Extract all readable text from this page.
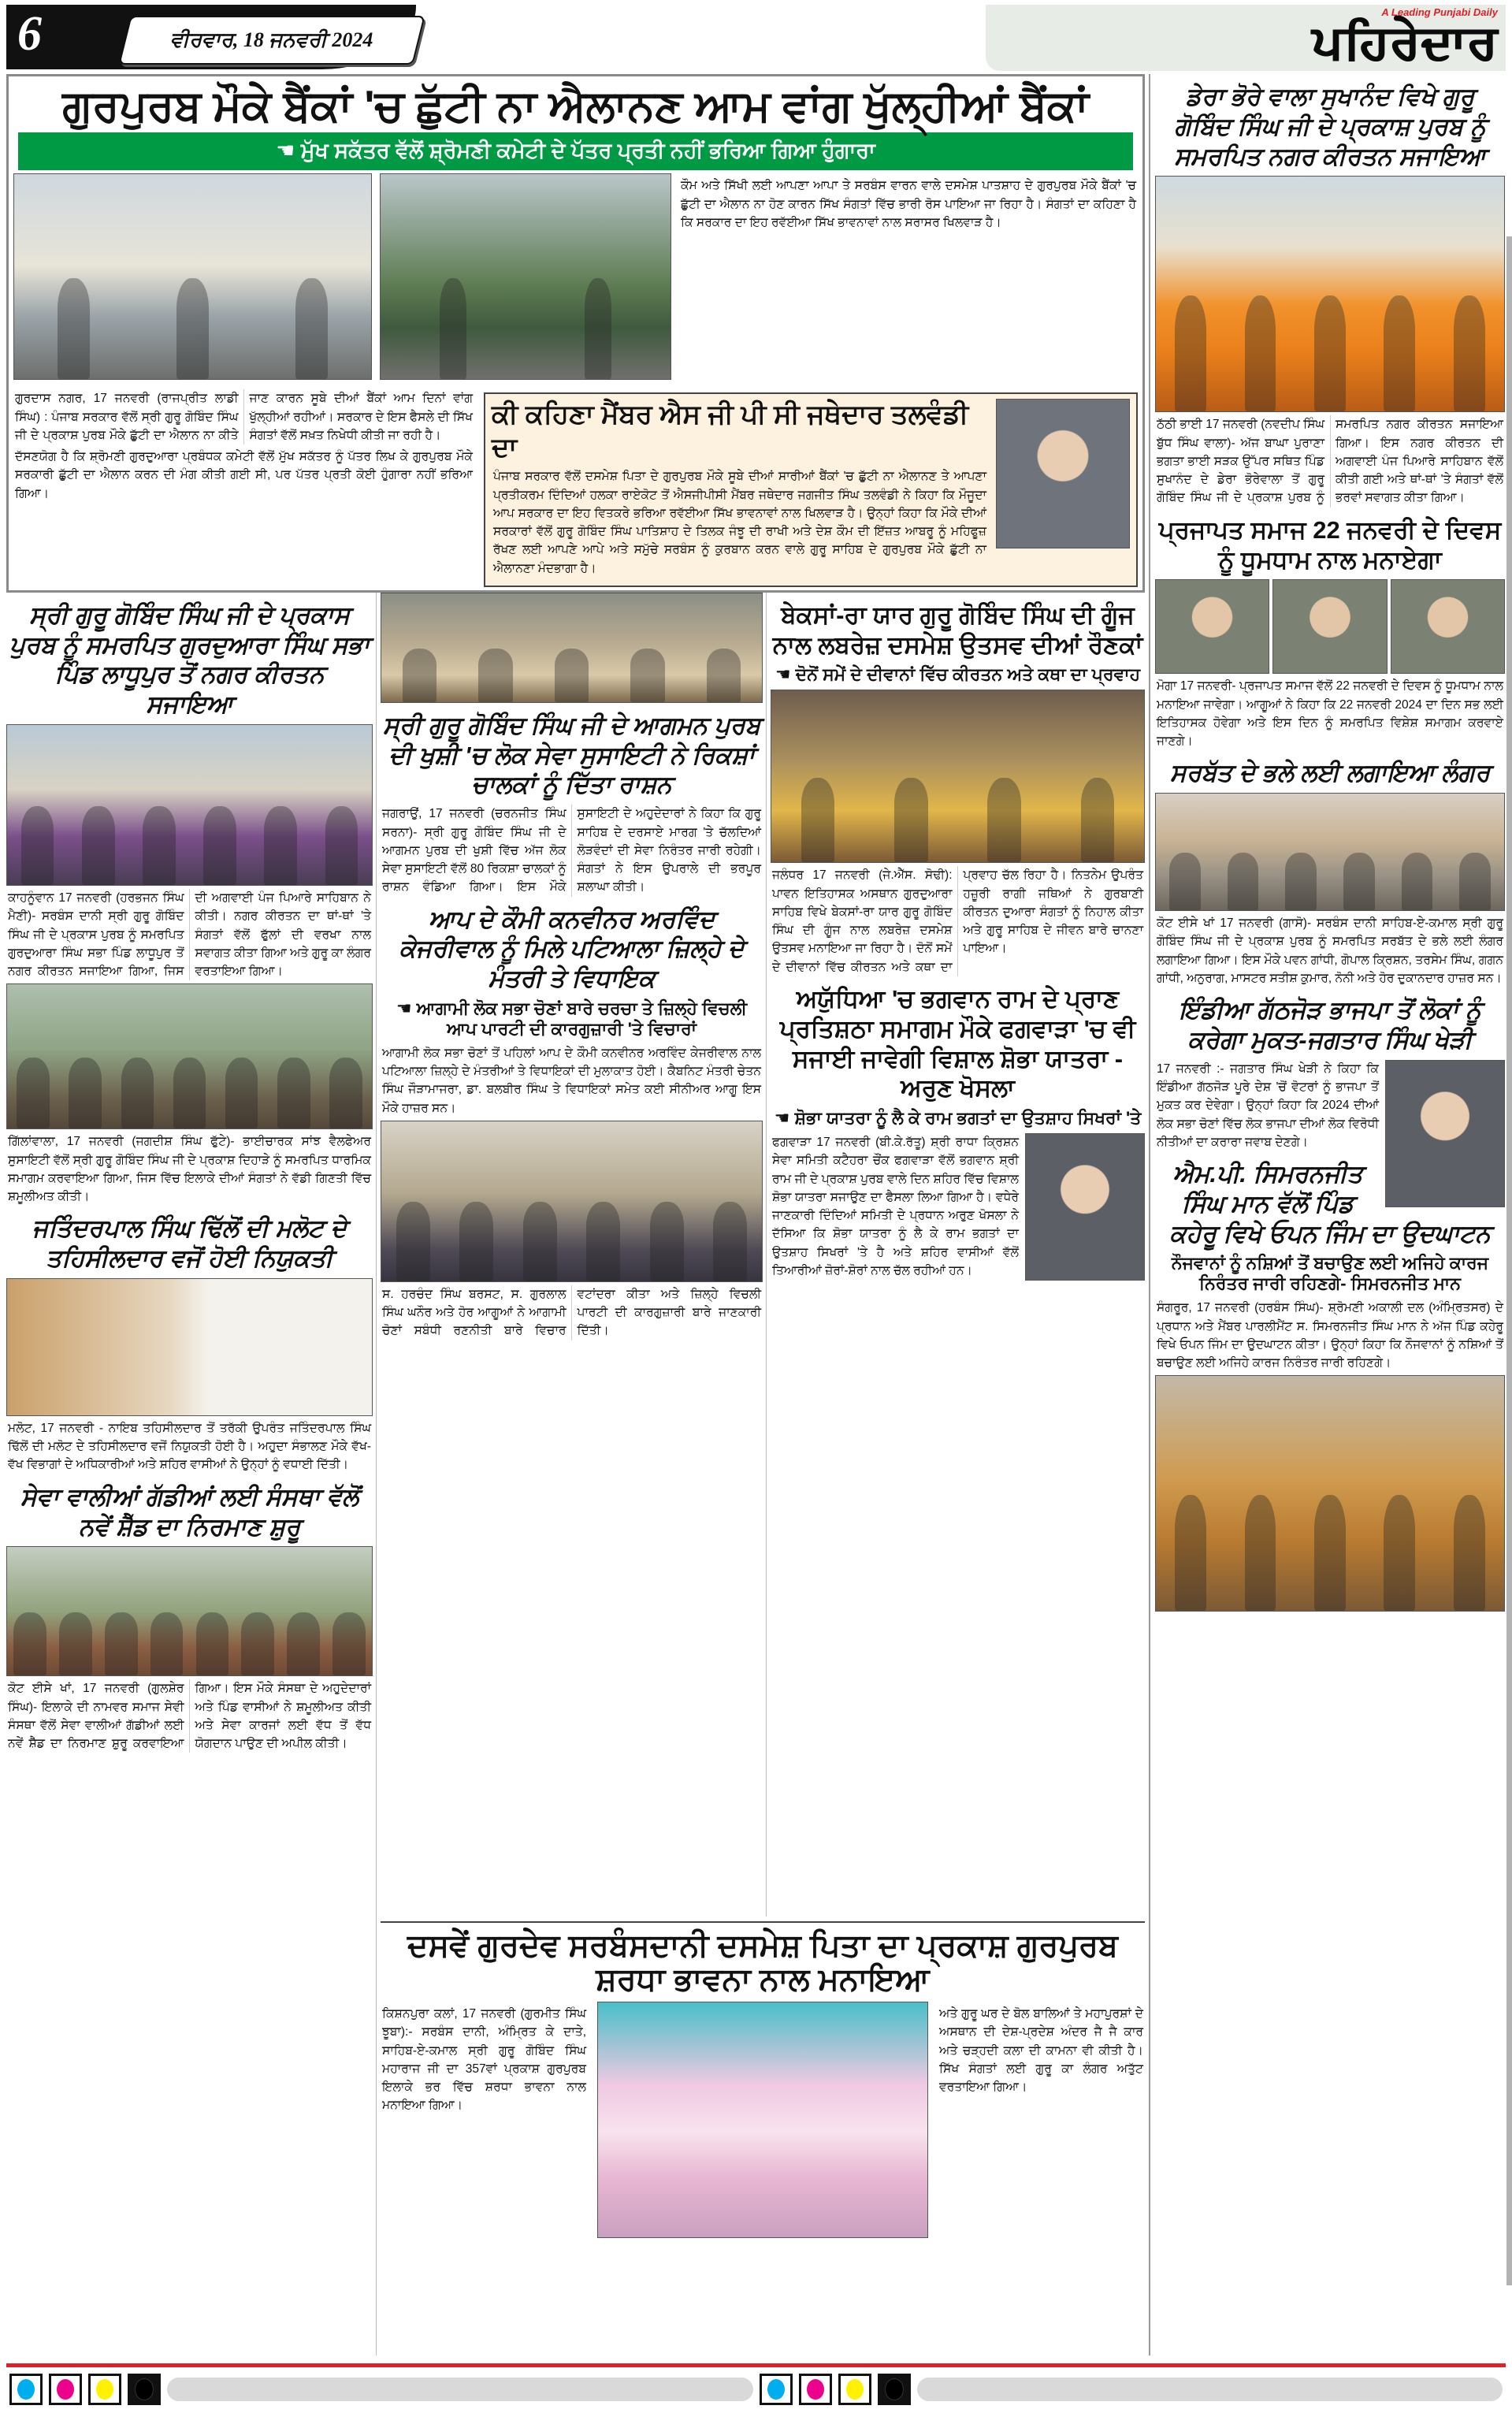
6	ਵੀਰਵਾਰ, 18 ਜਨਵਰੀ 2024
A Leading Punjabi Daily
ਪਹਿਰੇਦਾਰ
ਗੁਰਪੁਰਬ ਮੌਕੇ ਬੈਂਕਾਂ 'ਚ ਛੁੱਟੀ ਨਾ ਐਲਾਨਣ ਆਮ ਵਾਂਗ ਖੁੱਲ੍ਹੀਆਂ ਬੈਂਕਾਂ
☚ ਮੁੱਖ ਸਕੱਤਰ ਵੱਲੋਂ ਸ਼੍ਰੋਮਣੀ ਕਮੇਟੀ ਦੇ ਪੱਤਰ ਪ੍ਰਤੀ ਨਹੀਂ ਭਰਿਆ ਗਿਆ ਹੁੰਗਾਰਾ
ਕੌਮ ਅਤੇ ਸਿੱਖੀ ਲਈ ਆਪਣਾ ਆਪਾ ਤੇ ਸਰਬੰਸ ਵਾਰਨ ਵਾਲੇ ਦਸਮੇਸ਼ ਪਾਤਸ਼ਾਹ ਦੇ ਗੁਰਪੁਰਬ ਮੌਕੇ ਬੈਂਕਾਂ 'ਚ ਛੁੱਟੀ ਦਾ ਐਲਾਨ ਨਾ ਹੋਣ ਕਾਰਨ ਸਿੱਖ ਸੰਗਤਾਂ ਵਿੱਚ ਭਾਰੀ ਰੋਸ ਪਾਇਆ ਜਾ ਰਿਹਾ ਹੈ। ਸੰਗਤਾਂ ਦਾ ਕਹਿਣਾ ਹੈ ਕਿ ਸਰਕਾਰ ਦਾ ਇਹ ਰਵੱਈਆ ਸਿੱਖ ਭਾਵਨਾਵਾਂ ਨਾਲ ਸਰਾਸਰ ਖਿਲਵਾੜ ਹੈ।
ਗੁਰਦਾਸ ਨਗਰ, 17 ਜਨਵਰੀ (ਰਾਜਪ੍ਰੀਤ ਲਾਡੀ ਸਿੰਘ) : ਪੰਜਾਬ ਸਰਕਾਰ ਵੱਲੋਂ ਸ੍ਰੀ ਗੁਰੂ ਗੋਬਿੰਦ ਸਿੰਘ ਜੀ ਦੇ ਪ੍ਰਕਾਸ਼ ਪੁਰਬ ਮੌਕੇ ਛੁੱਟੀ ਦਾ ਐਲਾਨ ਨਾ ਕੀਤੇ ਜਾਣ ਕਾਰਨ ਸੂਬੇ ਦੀਆਂ ਬੈਂਕਾਂ ਆਮ ਦਿਨਾਂ ਵਾਂਗ ਖੁੱਲ੍ਹੀਆਂ ਰਹੀਆਂ। ਸਰਕਾਰ ਦੇ ਇਸ ਫੈਸਲੇ ਦੀ ਸਿੱਖ ਸੰਗਤਾਂ ਵੱਲੋਂ ਸਖ਼ਤ ਨਿਖੇਧੀ ਕੀਤੀ ਜਾ ਰਹੀ ਹੈ।
ਦੱਸਣਯੋਗ ਹੈ ਕਿ ਸ਼੍ਰੋਮਣੀ ਗੁਰਦੁਆਰਾ ਪ੍ਰਬੰਧਕ ਕਮੇਟੀ ਵੱਲੋਂ ਮੁੱਖ ਸਕੱਤਰ ਨੂੰ ਪੱਤਰ ਲਿਖ ਕੇ ਗੁਰਪੁਰਬ ਮੌਕੇ ਸਰਕਾਰੀ ਛੁੱਟੀ ਦਾ ਐਲਾਨ ਕਰਨ ਦੀ ਮੰਗ ਕੀਤੀ ਗਈ ਸੀ, ਪਰ ਪੱਤਰ ਪ੍ਰਤੀ ਕੋਈ ਹੁੰਗਾਰਾ ਨਹੀਂ ਭਰਿਆ ਗਿਆ।
ਕੀ ਕਹਿਣਾ ਮੈਂਬਰ ਐਸ ਜੀ ਪੀ ਸੀ ਜਥੇਦਾਰ ਤਲਵੰਡੀ ਦਾ
ਪੰਜਾਬ ਸਰਕਾਰ ਵੱਲੋਂ ਦਸਮੇਸ਼ ਪਿਤਾ ਦੇ ਗੁਰਪੁਰਬ ਮੌਕੇ ਸੂਬੇ ਦੀਆਂ ਸਾਰੀਆਂ ਬੈਂਕਾਂ 'ਚ ਛੁੱਟੀ ਨਾ ਐਲਾਨਣ ਤੇ ਆਪਣਾ ਪ੍ਰਤੀਕਰਮ ਦਿੰਦਿਆਂ ਹਲਕਾ ਰਾਏਕੋਟ ਤੋਂ ਐਸਜੀਪੀਸੀ ਮੈਂਬਰ ਜਥੇਦਾਰ ਜਗਜੀਤ ਸਿੰਘ ਤਲਵੰਡੀ ਨੇ ਕਿਹਾ ਕਿ ਮੌਜੂਦਾ ਆਪ ਸਰਕਾਰ ਦਾ ਇਹ ਵਿਤਕਰੇ ਭਰਿਆ ਰਵੱਈਆ ਸਿੱਖ ਭਾਵਨਾਵਾਂ ਨਾਲ ਖਿਲਵਾੜ ਹੈ। ਉਨ੍ਹਾਂ ਕਿਹਾ ਕਿ ਮੌਕੇ ਦੀਆਂ ਸਰਕਾਰਾਂ ਵੱਲੋਂ ਗੁਰੂ ਗੋਬਿੰਦ ਸਿੰਘ ਪਾਤਿਸ਼ਾਹ ਦੇ ਤਿਲਕ ਜੰਝੂ ਦੀ ਰਾਖੀ ਅਤੇ ਦੇਸ਼ ਕੌਮ ਦੀ ਇੱਜ਼ਤ ਆਬਰੂ ਨੂੰ ਮਹਿਫੂਜ਼ ਰੱਖਣ ਲਈ ਆਪਣੇ ਆਪੇ ਅਤੇ ਸਮੁੱਚੇ ਸਰਬੰਸ ਨੂੰ ਕੁਰਬਾਨ ਕਰਨ ਵਾਲੇ ਗੁਰੂ ਸਾਹਿਬ ਦੇ ਗੁਰਪੁਰਬ ਮੌਕੇ ਛੁੱਟੀ ਨਾ ਐਲਾਨਣਾ ਮੰਦਭਾਗਾ ਹੈ।
ਸ੍ਰੀ ਗੁਰੂ ਗੋਬਿੰਦ ਸਿੰਘ ਜੀ ਦੇ ਪ੍ਰਕਾਸ ਪੁਰਬ ਨੂੰ ਸਮਰਪਿਤ ਗੁਰਦੁਆਰਾ ਸਿੰਘ ਸਭਾ ਪਿੰਡ ਲਾਧੂਪੁਰ ਤੋਂ ਨਗਰ ਕੀਰਤਨ ਸਜਾਇਆ
ਕਾਹਨੂੰਵਾਨ 17 ਜਨਵਰੀ (ਹਰਭਜਨ ਸਿੰਘ ਮੈਣੀ)- ਸਰਬੰਸ ਦਾਨੀ ਸ੍ਰੀ ਗੁਰੂ ਗੋਬਿੰਦ ਸਿੰਘ ਜੀ ਦੇ ਪ੍ਰਕਾਸ ਪੁਰਬ ਨੂੰ ਸਮਰਪਿਤ ਗੁਰਦੁਆਰਾ ਸਿੰਘ ਸਭਾ ਪਿੰਡ ਲਾਧੂਪੁਰ ਤੋਂ ਨਗਰ ਕੀਰਤਨ ਸਜਾਇਆ ਗਿਆ, ਜਿਸ ਦੀ ਅਗਵਾਈ ਪੰਜ ਪਿਆਰੇ ਸਾਹਿਬਾਨ ਨੇ ਕੀਤੀ। ਨਗਰ ਕੀਰਤਨ ਦਾ ਥਾਂ-ਥਾਂ 'ਤੇ ਸੰਗਤਾਂ ਵੱਲੋਂ ਫੁੱਲਾਂ ਦੀ ਵਰਖਾ ਨਾਲ ਸਵਾਗਤ ਕੀਤਾ ਗਿਆ ਅਤੇ ਗੁਰੂ ਕਾ ਲੰਗਰ ਵਰਤਾਇਆ ਗਿਆ।
ਗਿੱਲਾਂਵਾਲਾ, 17 ਜਨਵਰੀ (ਜਗਦੀਸ਼ ਸਿੰਘ ਫੁੱਟੇ)- ਭਾਈਚਾਰਕ ਸਾਂਝ ਵੈਲਫੇਅਰ ਸੁਸਾਇਟੀ ਵੱਲੋਂ ਸ੍ਰੀ ਗੁਰੂ ਗੋਬਿੰਦ ਸਿੰਘ ਜੀ ਦੇ ਪ੍ਰਕਾਸ਼ ਦਿਹਾੜੇ ਨੂੰ ਸਮਰਪਿਤ ਧਾਰਮਿਕ ਸਮਾਗਮ ਕਰਵਾਇਆ ਗਿਆ, ਜਿਸ ਵਿੱਚ ਇਲਾਕੇ ਦੀਆਂ ਸੰਗਤਾਂ ਨੇ ਵੱਡੀ ਗਿਣਤੀ ਵਿੱਚ ਸ਼ਮੂਲੀਅਤ ਕੀਤੀ।
ਜਤਿੰਦਰਪਾਲ ਸਿੰਘ ਢਿੱਲੋਂ ਦੀ ਮਲੋਟ ਦੇ ਤਹਿਸੀਲਦਾਰ ਵਜੋਂ ਹੋਈ ਨਿਯੁਕਤੀ
ਮਲੋਟ, 17 ਜਨਵਰੀ - ਨਾਇਬ ਤਹਿਸੀਲਦਾਰ ਤੋਂ ਤਰੱਕੀ ਉਪਰੰਤ ਜਤਿੰਦਰਪਾਲ ਸਿੰਘ ਢਿੱਲੋਂ ਦੀ ਮਲੋਟ ਦੇ ਤਹਿਸੀਲਦਾਰ ਵਜੋਂ ਨਿਯੁਕਤੀ ਹੋਈ ਹੈ। ਅਹੁਦਾ ਸੰਭਾਲਣ ਮੌਕੇ ਵੱਖ-ਵੱਖ ਵਿਭਾਗਾਂ ਦੇ ਅਧਿਕਾਰੀਆਂ ਅਤੇ ਸ਼ਹਿਰ ਵਾਸੀਆਂ ਨੇ ਉਨ੍ਹਾਂ ਨੂੰ ਵਧਾਈ ਦਿੱਤੀ।
ਸੇਵਾ ਵਾਲੀਆਂ ਗੱਡੀਆਂ ਲਈ ਸੰਸਥਾ ਵੱਲੋਂ ਨਵੇਂ ਸ਼ੈੱਡ ਦਾ ਨਿਰਮਾਣ ਸ਼ੁਰੂ
ਕੋਟ ਈਸੇ ਖਾਂ, 17 ਜਨਵਰੀ (ਗੁਲਸ਼ੇਰ ਸਿੰਘ)- ਇਲਾਕੇ ਦੀ ਨਾਮਵਰ ਸਮਾਜ ਸੇਵੀ ਸੰਸਥਾ ਵੱਲੋਂ ਸੇਵਾ ਵਾਲੀਆਂ ਗੱਡੀਆਂ ਲਈ ਨਵੇਂ ਸ਼ੈੱਡ ਦਾ ਨਿਰਮਾਣ ਸ਼ੁਰੂ ਕਰਵਾਇਆ ਗਿਆ। ਇਸ ਮੌਕੇ ਸੰਸਥਾ ਦੇ ਅਹੁਦੇਦਾਰਾਂ ਅਤੇ ਪਿੰਡ ਵਾਸੀਆਂ ਨੇ ਸ਼ਮੂਲੀਅਤ ਕੀਤੀ ਅਤੇ ਸੇਵਾ ਕਾਰਜਾਂ ਲਈ ਵੱਧ ਤੋਂ ਵੱਧ ਯੋਗਦਾਨ ਪਾਉਣ ਦੀ ਅਪੀਲ ਕੀਤੀ।
ਸ੍ਰੀ ਗੁਰੂ ਗੋਬਿੰਦ ਸਿੰਘ ਜੀ ਦੇ ਆਗਮਨ ਪੁਰਬ ਦੀ ਖੁਸ਼ੀ 'ਚ ਲੋਕ ਸੇਵਾ ਸੁਸਾਇਟੀ ਨੇ ਰਿਕਸ਼ਾਂ ਚਾਲਕਾਂ ਨੂੰ ਦਿੱਤਾ ਰਾਸ਼ਨ
ਜਗਰਾਉਂ, 17 ਜਨਵਰੀ (ਚਰਨਜੀਤ ਸਿੰਘ ਸਰਨਾ)- ਸ੍ਰੀ ਗੁਰੂ ਗੋਬਿੰਦ ਸਿੰਘ ਜੀ ਦੇ ਆਗਮਨ ਪੁਰਬ ਦੀ ਖੁਸ਼ੀ ਵਿੱਚ ਅੱਜ ਲੋਕ ਸੇਵਾ ਸੁਸਾਇਟੀ ਵੱਲੋਂ 80 ਰਿਕਸ਼ਾ ਚਾਲਕਾਂ ਨੂੰ ਰਾਸ਼ਨ ਵੰਡਿਆ ਗਿਆ। ਇਸ ਮੌਕੇ ਸੁਸਾਇਟੀ ਦੇ ਅਹੁਦੇਦਾਰਾਂ ਨੇ ਕਿਹਾ ਕਿ ਗੁਰੂ ਸਾਹਿਬ ਦੇ ਦਰਸਾਏ ਮਾਰਗ 'ਤੇ ਚੱਲਦਿਆਂ ਲੋੜਵੰਦਾਂ ਦੀ ਸੇਵਾ ਨਿਰੰਤਰ ਜਾਰੀ ਰਹੇਗੀ। ਸੰਗਤਾਂ ਨੇ ਇਸ ਉਪਰਾਲੇ ਦੀ ਭਰਪੂਰ ਸ਼ਲਾਘਾ ਕੀਤੀ।
ਆਪ ਦੇ ਕੌਮੀ ਕਨਵੀਨਰ ਅਰਵਿੰਦ ਕੇਜਰੀਵਾਲ ਨੂੰ ਮਿਲੇ ਪਟਿਆਲਾ ਜ਼ਿਲ੍ਹੇ ਦੇ ਮੰਤਰੀ ਤੇ ਵਿਧਾਇਕ
☚ ਆਗਾਮੀ ਲੋਕ ਸਭਾ ਚੋਣਾਂ ਬਾਰੇ ਚਰਚਾ ਤੇ ਜ਼ਿਲ੍ਹੇ ਵਿਚਲੀ ਆਪ ਪਾਰਟੀ ਦੀ ਕਾਰਗੁਜ਼ਾਰੀ 'ਤੇ ਵਿਚਾਰਾਂ
ਆਗਾਮੀ ਲੋਕ ਸਭਾ ਚੋਣਾਂ ਤੋਂ ਪਹਿਲਾਂ ਆਪ ਦੇ ਕੌਮੀ ਕਨਵੀਨਰ ਅਰਵਿੰਦ ਕੇਜਰੀਵਾਲ ਨਾਲ ਪਟਿਆਲਾ ਜ਼ਿਲ੍ਹੇ ਦੇ ਮੰਤਰੀਆਂ ਤੇ ਵਿਧਾਇਕਾਂ ਦੀ ਮੁਲਾਕਾਤ ਹੋਈ। ਕੈਬਨਿਟ ਮੰਤਰੀ ਚੇਤਨ ਸਿੰਘ ਜੌੜਾਮਾਜਰਾ, ਡਾ. ਬਲਬੀਰ ਸਿੰਘ ਤੇ ਵਿਧਾਇਕਾਂ ਸਮੇਤ ਕਈ ਸੀਨੀਅਰ ਆਗੂ ਇਸ ਮੌਕੇ ਹਾਜ਼ਰ ਸਨ।
ਸ. ਹਰਚੰਦ ਸਿੰਘ ਬਰਸਟ, ਸ. ਗੁਰਲਾਲ ਸਿੰਘ ਘਨੌਰ ਅਤੇ ਹੋਰ ਆਗੂਆਂ ਨੇ ਆਗਾਮੀ ਚੋਣਾਂ ਸਬੰਧੀ ਰਣਨੀਤੀ ਬਾਰੇ ਵਿਚਾਰ ਵਟਾਂਦਰਾ ਕੀਤਾ ਅਤੇ ਜ਼ਿਲ੍ਹੇ ਵਿਚਲੀ ਪਾਰਟੀ ਦੀ ਕਾਰਗੁਜ਼ਾਰੀ ਬਾਰੇ ਜਾਣਕਾਰੀ ਦਿੱਤੀ।
ਬੇਕਸਾਂ-ਰਾ ਯਾਰ ਗੁਰੂ ਗੋਬਿੰਦ ਸਿੰਘ ਦੀ ਗੂੰਜ ਨਾਲ ਲਬਰੇਜ਼ ਦਸਮੇਸ਼ ਉਤਸਵ ਦੀਆਂ ਰੌਣਕਾਂ
☚ ਦੋਨੋਂ ਸਮੇਂ ਦੇ ਦੀਵਾਨਾਂ ਵਿੱਚ ਕੀਰਤਨ ਅਤੇ ਕਥਾ ਦਾ ਪ੍ਰਵਾਹ
ਜਲੰਧਰ 17 ਜਨਵਰੀ (ਜੇ.ਐੱਸ. ਸੋਢੀ): ਪਾਵਨ ਇਤਿਹਾਸਕ ਅਸਥਾਨ ਗੁਰਦੁਆਰਾ ਸਾਹਿਬ ਵਿਖੇ ਬੇਕਸਾਂ-ਰਾ ਯਾਰ ਗੁਰੂ ਗੋਬਿੰਦ ਸਿੰਘ ਦੀ ਗੂੰਜ ਨਾਲ ਲਬਰੇਜ਼ ਦਸਮੇਸ਼ ਉਤਸਵ ਮਨਾਇਆ ਜਾ ਰਿਹਾ ਹੈ। ਦੋਨੋਂ ਸਮੇਂ ਦੇ ਦੀਵਾਨਾਂ ਵਿੱਚ ਕੀਰਤਨ ਅਤੇ ਕਥਾ ਦਾ ਪ੍ਰਵਾਹ ਚੱਲ ਰਿਹਾ ਹੈ। ਨਿਤਨੇਮ ਉਪਰੰਤ ਹਜ਼ੂਰੀ ਰਾਗੀ ਜਥਿਆਂ ਨੇ ਗੁਰਬਾਣੀ ਕੀਰਤਨ ਦੁਆਰਾ ਸੰਗਤਾਂ ਨੂੰ ਨਿਹਾਲ ਕੀਤਾ ਅਤੇ ਗੁਰੂ ਸਾਹਿਬ ਦੇ ਜੀਵਨ ਬਾਰੇ ਚਾਨਣਾ ਪਾਇਆ।
ਅਯੁੱਧਿਆ 'ਚ ਭਗਵਾਨ ਰਾਮ ਦੇ ਪ੍ਰਾਣ ਪ੍ਰਤਿਸ਼ਠਾ ਸਮਾਗਮ ਮੌਕੇ ਫਗਵਾੜਾ 'ਚ ਵੀ ਸਜਾਈ ਜਾਵੇਗੀ ਵਿਸ਼ਾਲ ਸ਼ੋਭਾ ਯਾਤਰਾ - ਅਰੁਣ ਖੋਸਲਾ
☚ ਸ਼ੋਭਾ ਯਾਤਰਾ ਨੂੰ ਲੈ ਕੇ ਰਾਮ ਭਗਤਾਂ ਦਾ ਉਤਸ਼ਾਹ ਸਿਖਰਾਂ 'ਤੇ
ਫਗਵਾੜਾ 17 ਜਨਵਰੀ (ਬੀ.ਕੇ.ਰੱਤੂ) ਸ਼੍ਰੀ ਰਾਧਾ ਕ੍ਰਿਸ਼ਨ ਸੇਵਾ ਸਮਿਤੀ ਕਟੈਹਰਾ ਚੌਂਕ ਫਗਵਾੜਾ ਵੱਲੋਂ ਭਗਵਾਨ ਸ਼੍ਰੀ ਰਾਮ ਜੀ ਦੇ ਪ੍ਰਕਾਸ਼ ਪੁਰਬ ਵਾਲੇ ਦਿਨ ਸ਼ਹਿਰ ਵਿੱਚ ਵਿਸ਼ਾਲ ਸ਼ੋਭਾ ਯਾਤਰਾ ਸਜਾਉਣ ਦਾ ਫੈਸਲਾ ਲਿਆ ਗਿਆ ਹੈ। ਵਧੇਰੇ ਜਾਣਕਾਰੀ ਦਿੰਦਿਆਂ ਸਮਿਤੀ ਦੇ ਪ੍ਰਧਾਨ ਅਰੁਣ ਖੋਸਲਾ ਨੇ ਦੱਸਿਆ ਕਿ ਸ਼ੋਭਾ ਯਾਤਰਾ ਨੂੰ ਲੈ ਕੇ ਰਾਮ ਭਗਤਾਂ ਦਾ ਉਤਸ਼ਾਹ ਸਿਖਰਾਂ 'ਤੇ ਹੈ ਅਤੇ ਸ਼ਹਿਰ ਵਾਸੀਆਂ ਵੱਲੋਂ ਤਿਆਰੀਆਂ ਜ਼ੋਰਾਂ-ਸ਼ੋਰਾਂ ਨਾਲ ਚੱਲ ਰਹੀਆਂ ਹਨ।
ਦਸਵੇਂ ਗੁਰਦੇਵ ਸਰਬੰਸਦਾਨੀ ਦਸਮੇਸ਼ ਪਿਤਾ ਦਾ ਪ੍ਰਕਾਸ਼ ਗੁਰਪੁਰਬ ਸ਼ਰਧਾ ਭਾਵਨਾ ਨਾਲ ਮਨਾਇਆ
ਕਿਸ਼ਨਪੁਰਾ ਕਲਾਂ, 17 ਜਨਵਰੀ (ਗੁਰਮੀਤ ਸਿੰਘ ਝੂਬਾ):- ਸਰਬੰਸ ਦਾਨੀ, ਅੰਮ੍ਰਿਤ ਕੇ ਦਾਤੇ, ਸਾਹਿਬ-ਏ-ਕਮਾਲ ਸ੍ਰੀ ਗੁਰੂ ਗੋਬਿੰਦ ਸਿੰਘ ਮਹਾਰਾਜ ਜੀ ਦਾ 357ਵਾਂ ਪ੍ਰਕਾਸ਼ ਗੁਰਪੁਰਬ ਇਲਾਕੇ ਭਰ ਵਿੱਚ ਸ਼ਰਧਾ ਭਾਵਨਾ ਨਾਲ ਮਨਾਇਆ ਗਿਆ।
ਅਤੇ ਗੁਰੂ ਘਰ ਦੇ ਬੋਲ ਬਾਲਿਆਂ ਤੇ ਮਹਾਪੁਰਸ਼ਾਂ ਦੇ ਅਸਥਾਨ ਦੀ ਦੇਸ਼-ਪ੍ਰਦੇਸ਼ ਅੰਦਰ ਜੈ ਜੈ ਕਾਰ ਅਤੇ ਚੜ੍ਹਦੀ ਕਲਾ ਦੀ ਕਾਮਨਾ ਵੀ ਕੀਤੀ ਹੈ। ਸਿੱਖ ਸੰਗਤਾਂ ਲਈ ਗੁਰੂ ਕਾ ਲੰਗਰ ਅਤੁੱਟ ਵਰਤਾਇਆ ਗਿਆ।
ਡੇਰਾ ਭੋਰੇ ਵਾਲਾ ਸੁਖਾਨੰਦ ਵਿਖੇ ਗੁਰੂ ਗੋਬਿੰਦ ਸਿੰਘ ਜੀ ਦੇ ਪ੍ਰਕਾਸ਼ ਪੁਰਬ ਨੂੰ ਸਮਰਪਿਤ ਨਗਰ ਕੀਰਤਨ ਸਜਾਇਆ
ਠੱਠੀ ਭਾਈ 17 ਜਨਵਰੀ (ਨਵਦੀਪ ਸਿੰਘ ਬੁੱਧ ਸਿੰਘ ਵਾਲਾ)- ਅੱਜ ਬਾਘਾ ਪੁਰਾਣਾ ਭਗਤਾ ਭਾਈ ਸੜਕ ਉੱਪਰ ਸਥਿਤ ਪਿੰਡ ਸੁਖਾਨੰਦ ਦੇ ਡੇਰਾ ਭੋਰੇਵਾਲਾ ਤੋਂ ਗੁਰੂ ਗੋਬਿੰਦ ਸਿੰਘ ਜੀ ਦੇ ਪ੍ਰਕਾਸ਼ ਪੁਰਬ ਨੂੰ ਸਮਰਪਿਤ ਨਗਰ ਕੀਰਤਨ ਸਜਾਇਆ ਗਿਆ। ਇਸ ਨਗਰ ਕੀਰਤਨ ਦੀ ਅਗਵਾਈ ਪੰਜ ਪਿਆਰੇ ਸਾਹਿਬਾਨ ਵੱਲੋਂ ਕੀਤੀ ਗਈ ਅਤੇ ਥਾਂ-ਥਾਂ 'ਤੇ ਸੰਗਤਾਂ ਵੱਲੋਂ ਭਰਵਾਂ ਸਵਾਗਤ ਕੀਤਾ ਗਿਆ।
ਪ੍ਰਜਾਪਤ ਸਮਾਜ 22 ਜਨਵਰੀ ਦੇ ਦਿਵਸ ਨੂੰ ਧੂਮਧਾਮ ਨਾਲ ਮਨਾਏਗਾ
ਮੋਗਾ 17 ਜਨਵਰੀ- ਪ੍ਰਜਾਪਤ ਸਮਾਜ ਵੱਲੋਂ 22 ਜਨਵਰੀ ਦੇ ਦਿਵਸ ਨੂੰ ਧੂਮਧਾਮ ਨਾਲ ਮਨਾਇਆ ਜਾਵੇਗਾ। ਆਗੂਆਂ ਨੇ ਕਿਹਾ ਕਿ 22 ਜਨਵਰੀ 2024 ਦਾ ਦਿਨ ਸਭ ਲਈ ਇਤਿਹਾਸਕ ਹੋਵੇਗਾ ਅਤੇ ਇਸ ਦਿਨ ਨੂੰ ਸਮਰਪਿਤ ਵਿਸ਼ੇਸ਼ ਸਮਾਗਮ ਕਰਵਾਏ ਜਾਣਗੇ।
ਸਰਬੱਤ ਦੇ ਭਲੇ ਲਈ ਲਗਾਇਆ ਲੰਗਰ
ਕੋਟ ਈਸੇ ਖਾਂ 17 ਜਨਵਰੀ (ਗਾਸੋ)- ਸਰਬੰਸ ਦਾਨੀ ਸਾਹਿਬ-ਏ-ਕਮਾਲ ਸ੍ਰੀ ਗੁਰੂ ਗੋਬਿੰਦ ਸਿੰਘ ਜੀ ਦੇ ਪ੍ਰਕਾਸ਼ ਪੁਰਬ ਨੂੰ ਸਮਰਪਿਤ ਸਰਬੱਤ ਦੇ ਭਲੇ ਲਈ ਲੰਗਰ ਲਗਾਇਆ ਗਿਆ। ਇਸ ਮੌਕੇ ਪਵਨ ਗਾਂਧੀ, ਗੋਪਾਲ ਕ੍ਰਿਸ਼ਨ, ਤਰਸੇਮ ਸਿੰਘ, ਗਗਨ ਗਾਂਧੀ, ਅਨੁਰਾਗ, ਮਾਸਟਰ ਸਤੀਸ਼ ਕੁਮਾਰ, ਨੋਨੀ ਅਤੇ ਹੋਰ ਦੁਕਾਨਦਾਰ ਹਾਜ਼ਰ ਸਨ।
ਇੰਡੀਆ ਗੱਠਜੋੜ ਭਾਜਪਾ ਤੋਂ ਲੋਕਾਂ ਨੂੰ ਕਰੇਗਾ ਮੁਕਤ-ਜਗਤਾਰ ਸਿੰਘ ਖੇੜੀ
17 ਜਨਵਰੀ :- ਜਗਤਾਰ ਸਿੰਘ ਖੇੜੀ ਨੇ ਕਿਹਾ ਕਿ ਇੰਡੀਆ ਗੱਠਜੋੜ ਪੂਰੇ ਦੇਸ਼ 'ਚੋਂ ਵੋਟਰਾਂ ਨੂੰ ਭਾਜਪਾ ਤੋਂ ਮੁਕਤ ਕਰ ਦੇਵੇਗਾ। ਉਨ੍ਹਾਂ ਕਿਹਾ ਕਿ 2024 ਦੀਆਂ ਲੋਕ ਸਭਾ ਚੋਣਾਂ ਵਿੱਚ ਲੋਕ ਭਾਜਪਾ ਦੀਆਂ ਲੋਕ ਵਿਰੋਧੀ ਨੀਤੀਆਂ ਦਾ ਕਰਾਰਾ ਜਵਾਬ ਦੇਣਗੇ।
ਐਮ.ਪੀ. ਸਿਮਰਨਜੀਤ ਸਿੰਘ ਮਾਨ ਵੱਲੋਂ ਪਿੰਡ ਕਹੇਰੂ ਵਿਖੇ ਓਪਨ ਜਿੰਮ ਦਾ ਉਦਘਾਟਨ
ਨੌਜਵਾਨਾਂ ਨੂੰ ਨਸ਼ਿਆਂ ਤੋਂ ਬਚਾਉਣ ਲਈ ਅਜਿਹੇ ਕਾਰਜ ਨਿਰੰਤਰ ਜਾਰੀ ਰਹਿਣਗੇ- ਸਿਮਰਨਜੀਤ ਮਾਨ
ਸੰਗਰੂਰ, 17 ਜਨਵਰੀ (ਹਰਬੰਸ ਸਿੰਘ)- ਸ਼੍ਰੋਮਣੀ ਅਕਾਲੀ ਦਲ (ਅੰਮ੍ਰਿਤਸਰ) ਦੇ ਪ੍ਰਧਾਨ ਅਤੇ ਮੈਂਬਰ ਪਾਰਲੀਮੈਂਟ ਸ. ਸਿਮਰਨਜੀਤ ਸਿੰਘ ਮਾਨ ਨੇ ਅੱਜ ਪਿੰਡ ਕਹੇਰੂ ਵਿਖੇ ਓਪਨ ਜਿੰਮ ਦਾ ਉਦਘਾਟਨ ਕੀਤਾ। ਉਨ੍ਹਾਂ ਕਿਹਾ ਕਿ ਨੌਜਵਾਨਾਂ ਨੂੰ ਨਸ਼ਿਆਂ ਤੋਂ ਬਚਾਉਣ ਲਈ ਅਜਿਹੇ ਕਾਰਜ ਨਿਰੰਤਰ ਜਾਰੀ ਰਹਿਣਗੇ।
